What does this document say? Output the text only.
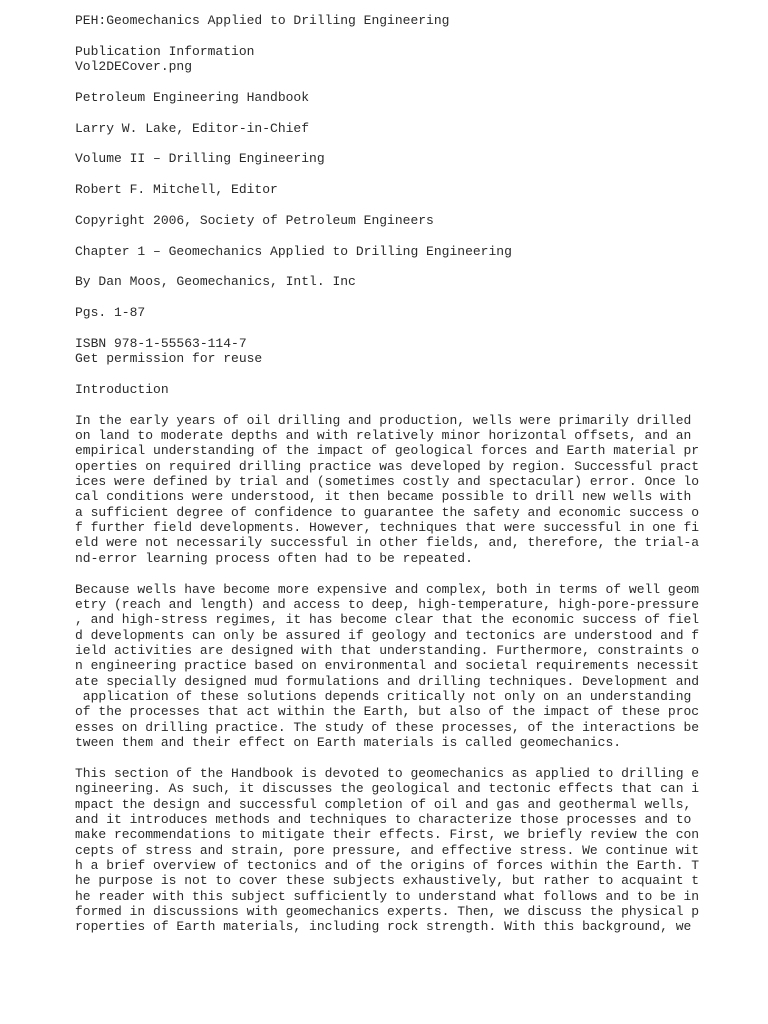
PEH:Geomechanics Applied to Drilling Engineering
Publication Information
Vol2DECover.png
Petroleum Engineering Handbook
Larry W. Lake, Editor-in-Chief
Volume II – Drilling Engineering
Robert F. Mitchell, Editor
Copyright 2006, Society of Petroleum Engineers
Chapter 1 – Geomechanics Applied to Drilling Engineering
By Dan Moos, Geomechanics, Intl. Inc
Pgs. 1-87
ISBN 978-1-55563-114-7
Get permission for reuse
Introduction
In the early years of oil drilling and production, wells were primarily drilled
on land to moderate depths and with relatively minor horizontal offsets, and an
empirical understanding of the impact of geological forces and Earth material pr
operties on required drilling practice was developed by region. Successful pract
ices were defined by trial and (sometimes costly and spectacular) error. Once lo
cal conditions were understood, it then became possible to drill new wells with
a sufficient degree of confidence to guarantee the safety and economic success o
f further field developments. However, techniques that were successful in one fi
eld were not necessarily successful in other fields, and, therefore, the trial-a
nd-error learning process often had to be repeated.
Because wells have become more expensive and complex, both in terms of well geom
etry (reach and length) and access to deep, high-temperature, high-pore-pressure
, and high-stress regimes, it has become clear that the economic success of fiel
d developments can only be assured if geology and tectonics are understood and f
ield activities are designed with that understanding. Furthermore, constraints o
n engineering practice based on environmental and societal requirements necessit
ate specially designed mud formulations and drilling techniques. Development and
application of these solutions depends critically not only on an understanding
of the processes that act within the Earth, but also of the impact of these proc
esses on drilling practice. The study of these processes, of the interactions be
tween them and their effect on Earth materials is called geomechanics.
This section of the Handbook is devoted to geomechanics as applied to drilling e
ngineering. As such, it discusses the geological and tectonic effects that can i
mpact the design and successful completion of oil and gas and geothermal wells,
and it introduces methods and techniques to characterize those processes and to
make recommendations to mitigate their effects. First, we briefly review the con
cepts of stress and strain, pore pressure, and effective stress. We continue wit
h a brief overview of tectonics and of the origins of forces within the Earth. T
he purpose is not to cover these subjects exhaustively, but rather to acquaint t
he reader with this subject sufficiently to understand what follows and to be in
formed in discussions with geomechanics experts. Then, we discuss the physical p
roperties of Earth materials, including rock strength. With this background, we
